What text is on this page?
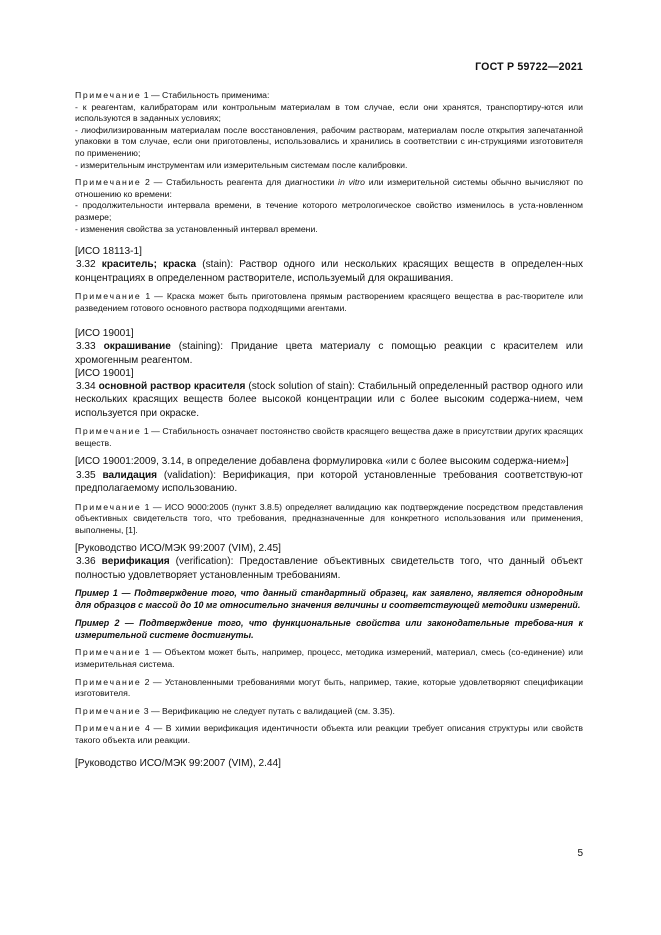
ГОСТ Р 59722—2021

Примечание 1 — Стабильность применима:

- к реагентам, калибраторам или контрольным материалам в том случае, если они хранятся, транспортиру-ются или используются в заданных условиях;

- лиофилизированным материалам после восстановления, рабочим растворам, материалам после открытия запечатанной упаковки в том случае, если они приготовлены, использовались и хранились в соответствии с ин-струкциями изготовителя по применению;

- измерительным инструментам или измерительным системам после калибровки.

Примечание 2 — Стабильность реагента для диагностики in vitro или измерительной системы обычно вычисляют по отношению ко времени:

- продолжительности интервала времени, в течение которого метрологическое свойство изменилось в уста-новленном размере;

- изменения свойства за установленный интервал времени.

[ИСО 18113-1]

3.32 краситель; краска (stain): Раствор одного или нескольких красящих веществ в определен-ных концентрациях в определенном растворителе, используемый для окрашивания.

Примечание 1 — Краска может быть приготовлена прямым растворением красящего вещества в рас-творителе или разведением готового основного раствора подходящими агентами.

[ИСО 19001]

3.33 окрашивание (staining): Придание цвета материалу с помощью реакции с красителем или хромогенным реагентом.

[ИСО 19001]

3.34 основной раствор красителя (stock solution of stain): Стабильный определенный раствор одного или нескольких красящих веществ более высокой концентрации или с более высоким содержа-нием, чем используется при окраске.

Примечание 1 — Стабильность означает постоянство свойств красящего вещества даже в присутствии других красящих веществ.

[ИСО 19001:2009, 3.14, в определение добавлена формулировка «или с более высоким содержа-нием»]

3.35 валидация (validation): Верификация, при которой установленные требования соответствую-ют предполагаемому использованию.

Примечание 1 — ИСО 9000:2005 (пункт 3.8.5) определяет валидацию как подтверждение посредством представления объективных свидетельств того, что требования, предназначенные для конкретного использования или применения, выполнены, [1].

[Руководство ИСО/МЭК 99:2007 (VIM), 2.45]

3.36 верификация (verification): Предоставление объективных свидетельств того, что данный объект полностью удовлетворяет установленным требованиям.

Пример 1 — Подтверждение того, что данный стандартный образец, как заявлено, является однородным для образцов с массой до 10 мг относительно значения величины и соответствующей методики измерений.

Пример 2 — Подтверждение того, что функциональные свойства или законодательные требова-ния к измерительной системе достигнуты.

Примечание 1 — Объектом может быть, например, процесс, методика измерений, материал, смесь (со-единение) или измерительная система.

Примечание 2 — Установленными требованиями могут быть, например, такие, которые удовлетворяют спецификации изготовителя.

Примечание 3 — Верификацию не следует путать с валидацией (см. 3.35).

Примечание 4 — В химии верификация идентичности объекта или реакции требует описания структуры или свойств такого объекта или реакции.

[Руководство ИСО/МЭК 99:2007 (VIM), 2.44]

5
